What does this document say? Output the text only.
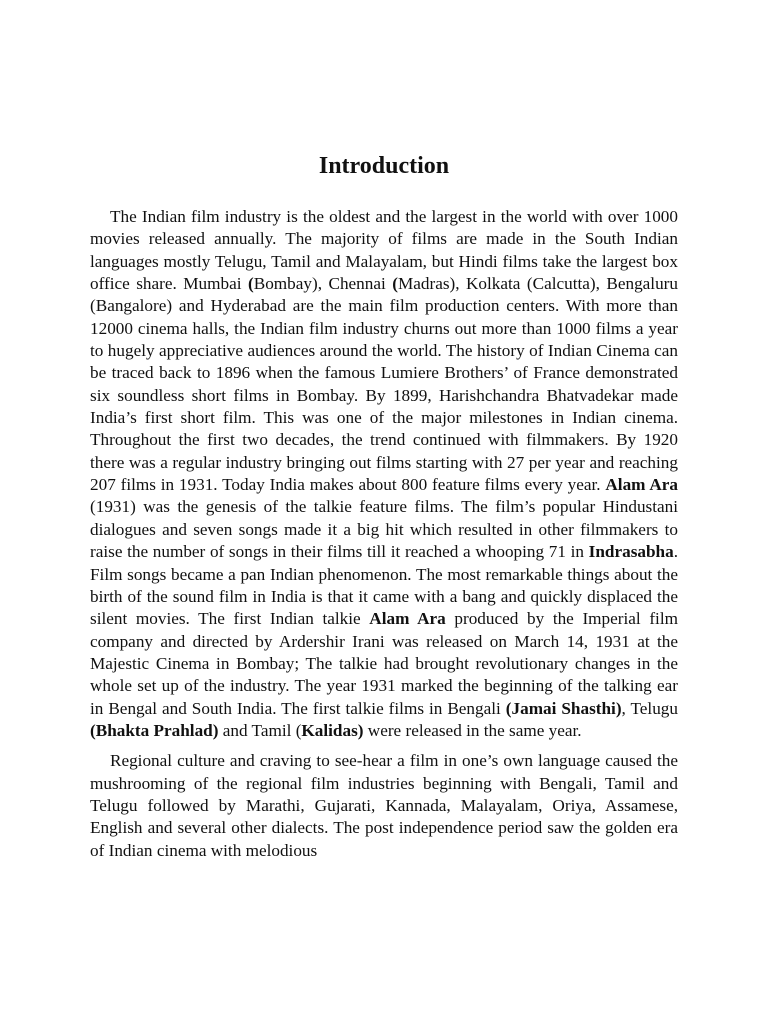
Introduction

The Indian film industry is the oldest and the largest in the world with over 1000 movies released annually. The majority of films are made in the South Indian languages mostly Telugu, Tamil and Malayalam, but Hindi films take the largest box office share. Mumbai (Bombay), Chennai (Madras), Kolkata (Calcutta), Bengaluru (Bangalore) and Hyderabad are the main film production centers. With more than 12000 cinema halls, the Indian film industry churns out more than 1000 films a year to hugely appreciative audiences around the world. The history of Indian Cinema can be traced back to 1896 when the famous Lumiere Brothers’ of France demonstrated six soundless short films in Bombay. By 1899, Harishchandra Bhatvadekar made India’s first short film. This was one of the major milestones in Indian cinema. Throughout the first two decades, the trend continued with filmmakers. By 1920 there was a regular industry bringing out films starting with 27 per year and reaching 207 films in 1931. Today India makes about 800 feature films every year. Alam Ara (1931) was the genesis of the talkie feature films. The film’s popular Hindustani dialogues and seven songs made it a big hit which resulted in other filmmakers to raise the number of songs in their films till it reached a whooping 71 in Indrasabha. Film songs became a pan Indian phenomenon. The most remarkable things about the birth of the sound film in India is that it came with a bang and quickly displaced the silent movies. The first Indian talkie Alam Ara produced by the Imperial film company and directed by Ardershir Irani was released on March 14, 1931 at the Majestic Cinema in Bombay; The talkie had brought revolutionary changes in the whole set up of the industry. The year 1931 marked the beginning of the talking ear in Bengal and South India. The first talkie films in Bengali (Jamai Shasthi), Telugu (Bhakta Prahlad) and Tamil (Kalidas) were released in the same year.

Regional culture and craving to see-hear a film in one’s own language caused the mushrooming of the regional film industries beginning with Bengali, Tamil and Telugu followed by Marathi, Gujarati, Kannada, Malayalam, Oriya, Assamese, English and several other dialects. The post independence period saw the golden era of Indian cinema with melodious
